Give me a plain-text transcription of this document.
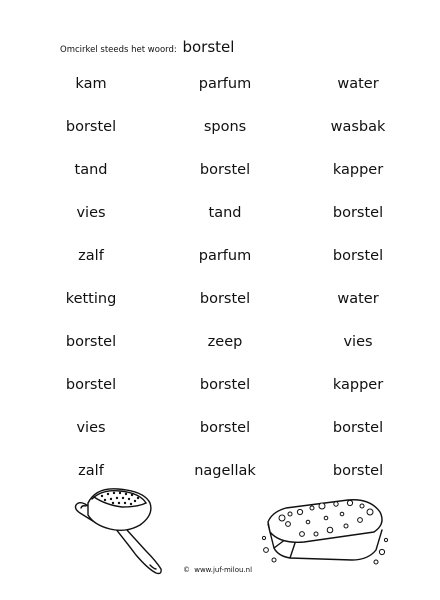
Omcirkel steeds het woord: borstel
kam	parfum	water
borstel	spons	wasbak
tand	borstel	kapper
vies	tand	borstel
zalf	parfum	borstel
ketting	borstel	water
borstel	zeep	vies
borstel	borstel	kapper
vies	borstel	borstel
zalf	nagellak	borstel
© www.juf-milou.nl
